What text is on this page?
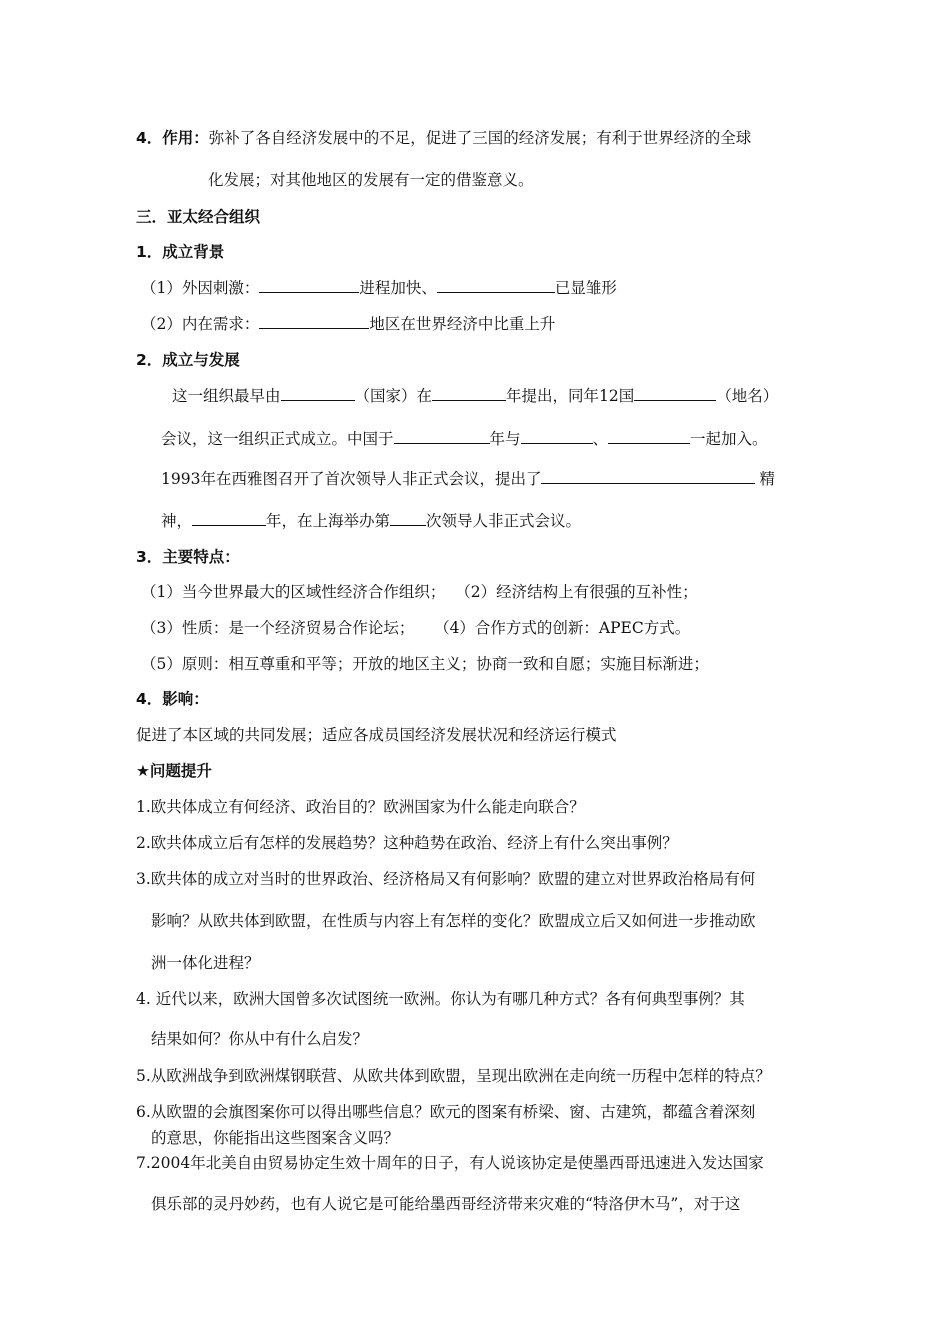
4．作用：弥补了各自经济发展中的不足，促进了三国的经济发展；有利于世界经济的全球
化发展；对其他地区的发展有一定的借鉴意义。
三．亚太经合组织
1．成立背景
（1）外因刺激：	进程加快、	已显雏形
（2）内在需求：	地区在世界经济中比重上升
2．成立与发展
这一组织最早由	（国家）在	年提出，同年12国	（地名）
会议，这一组织正式成立。中国于	年与	、	一起加入。
1993年在西雅图召开了首次领导人非正式会议，提出了	精
神，	年，在上海举办第 次领导人非正式会议。
3．主要特点：
（1）当今世界最大的区域性经济合作组织；  （2）经济结构上有很强的互补性；
（3）性质：是一个经济贸易合作论坛；    （4）合作方式的创新：APEC方式。
（5）原则：相互尊重和平等；开放的地区主义；协商一致和自愿；实施目标渐进；
4．影响：
促进了本区域的共同发展；适应各成员国经济发展状况和经济运行模式
★问题提升
1.欧共体成立有何经济、政治目的？欧洲国家为什么能走向联合？
2.欧共体成立后有怎样的发展趋势？这种趋势在政治、经济上有什么突出事例？
3.欧共体的成立对当时的世界政治、经济格局又有何影响？欧盟的建立对世界政治格局有何
影响？从欧共体到欧盟，在性质与内容上有怎样的变化？欧盟成立后又如何进一步推动欧
洲一体化进程？
4. 近代以来，欧洲大国曾多次试图统一欧洲。你认为有哪几种方式？各有何典型事例？其
结果如何？你从中有什么启发？
5.从欧洲战争到欧洲煤钢联营、从欧共体到欧盟，呈现出欧洲在走向统一历程中怎样的特点？
6.从欧盟的会旗图案你可以得出哪些信息？欧元的图案有桥梁、窗、古建筑，都蕴含着深刻
的意思，你能指出这些图案含义吗？
7.2004年北美自由贸易协定生效十周年的日子，有人说该协定是使墨西哥迅速进入发达国家
俱乐部的灵丹妙药，也有人说它是可能给墨西哥经济带来灾难的“特洛伊木马”，对于这
